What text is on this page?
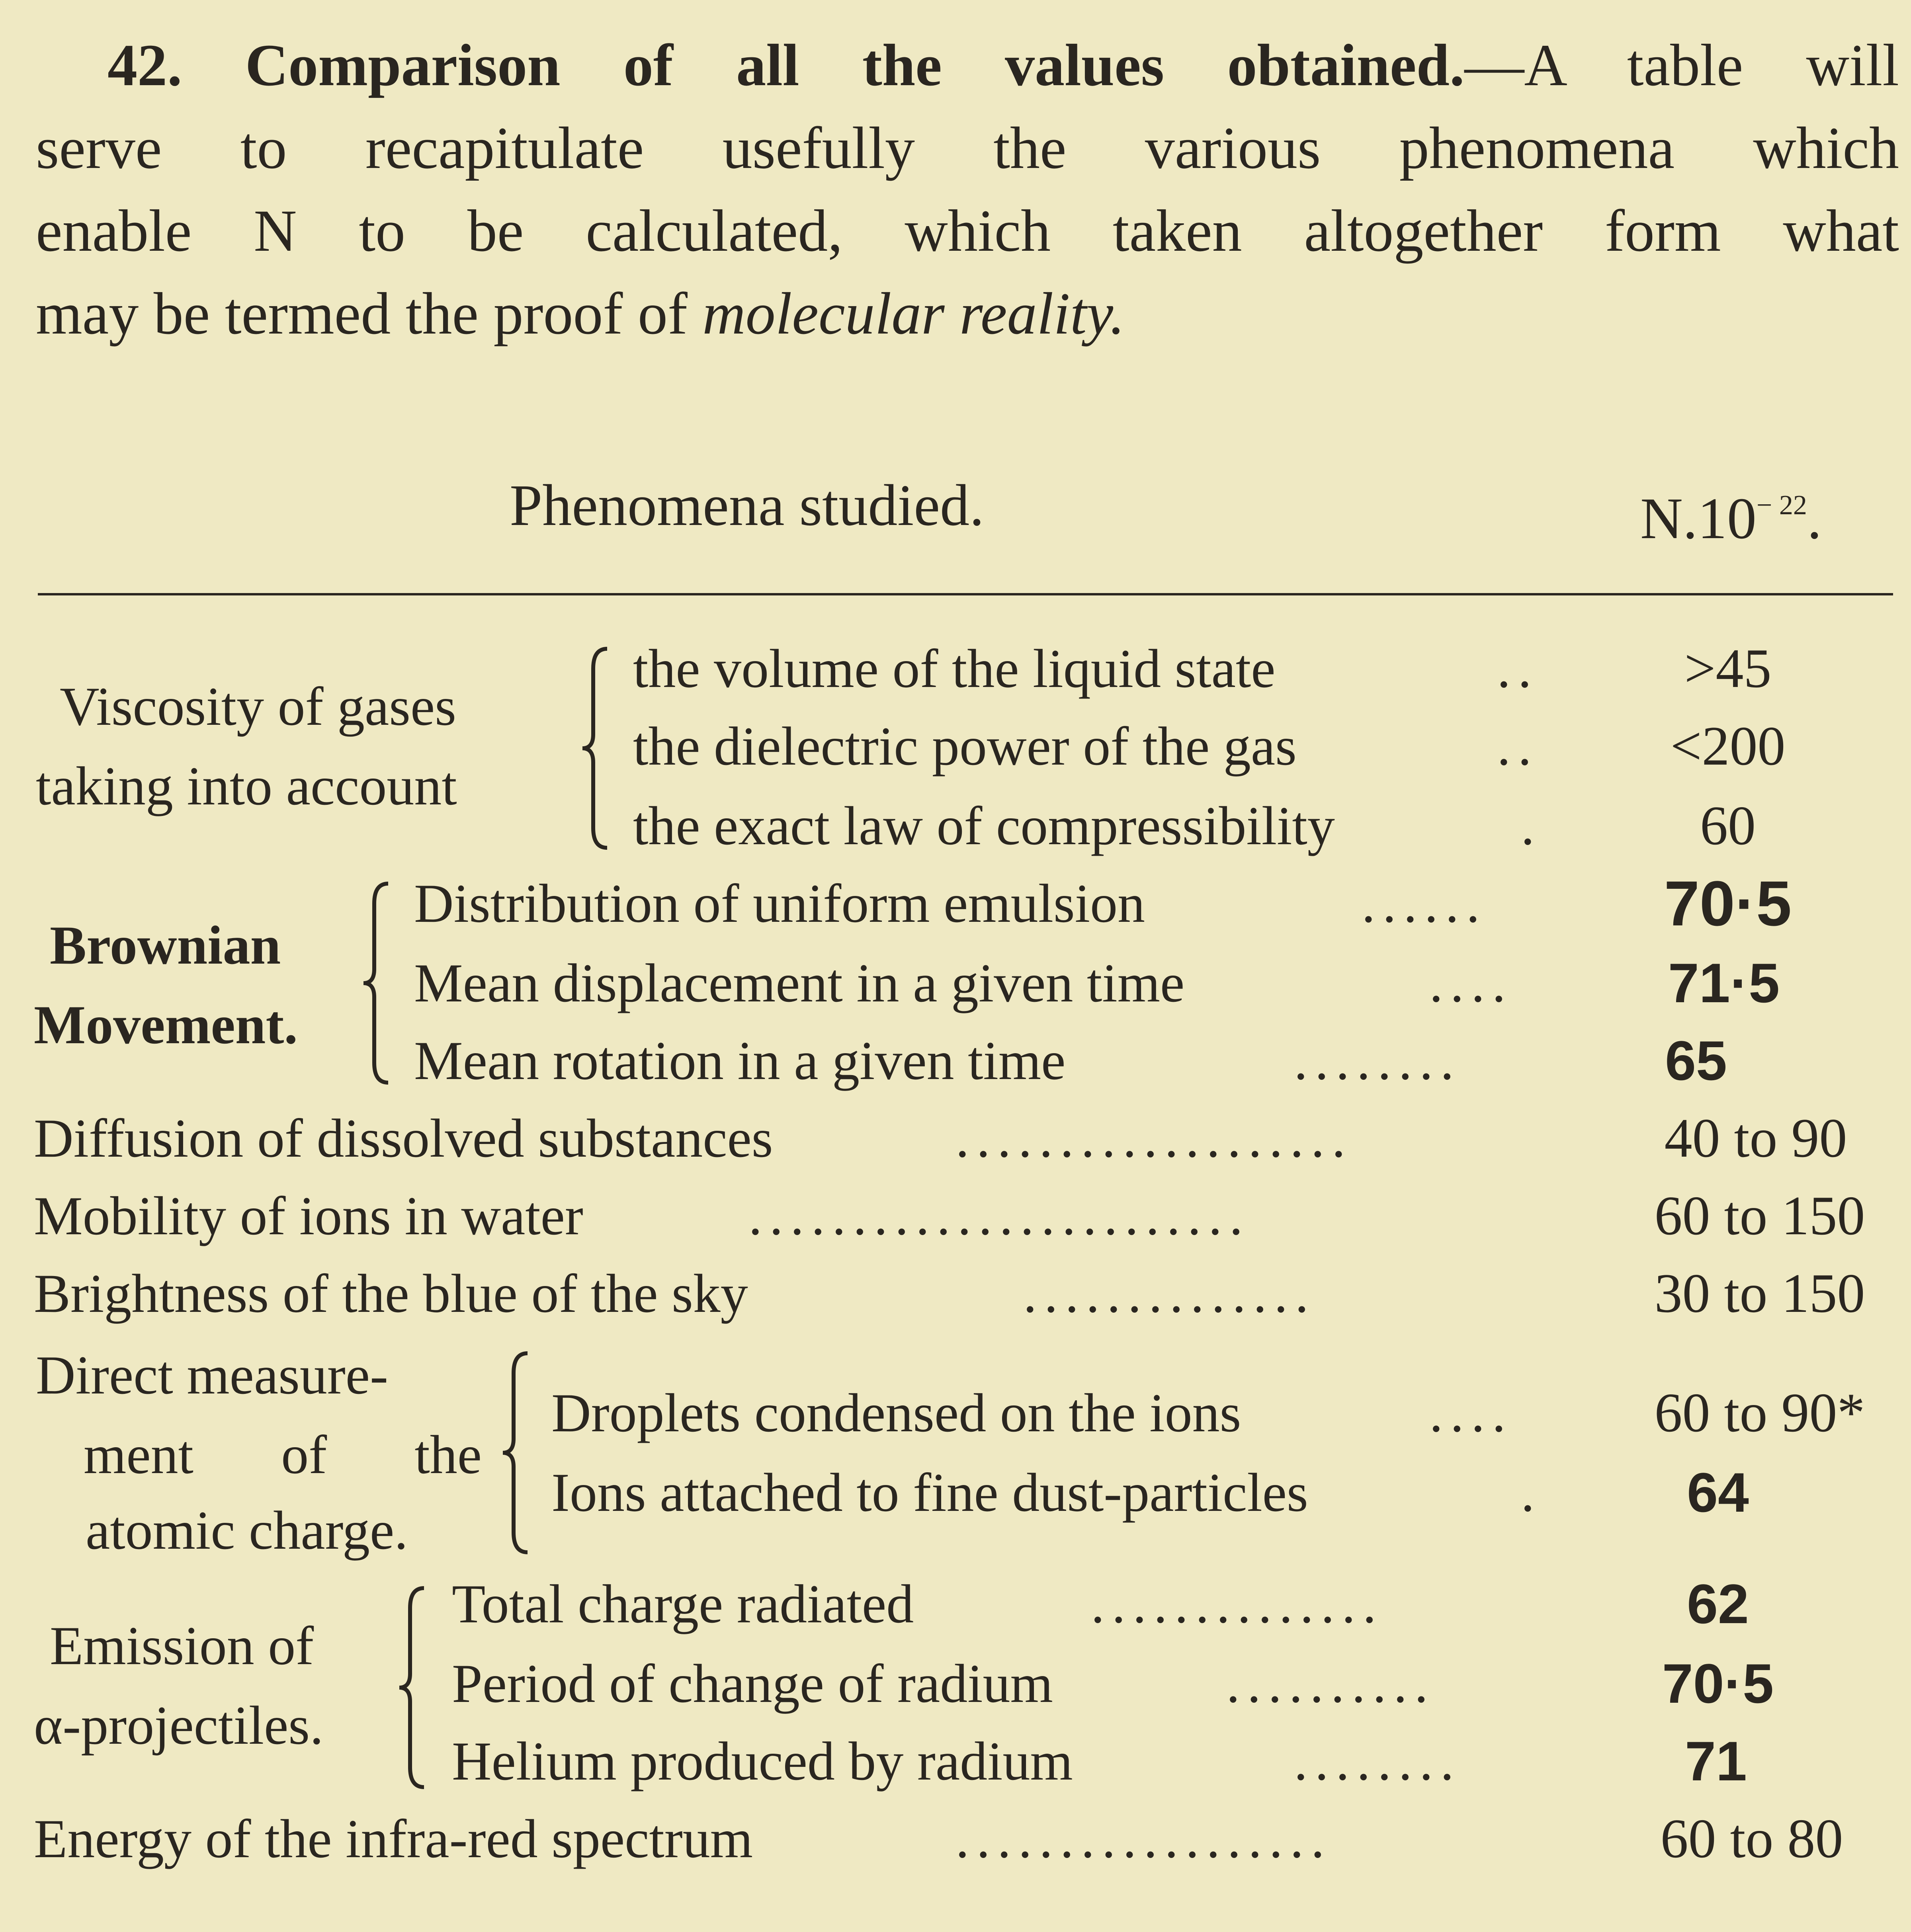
42. Comparison of all the values obtained.—A table will
serve to recapitulate usefully the various phenomena which
enable N to be calculated, which taken altogether form what
may be termed the proof of molecular reality.
Phenomena studied.	$N.10^{- 22}$.
Viscosity of gases
taking into account
Brownian
Movement.
Direct measure-
ment of the
atomic charge.
Emission of
α-projectiles.
the volume of the liquid state
the dielectric power of the gas
the exact law of compressibility
Distribution of uniform emulsion
Mean displacement in a given time
Mean rotation in a given time
Diffusion of dissolved substances
Mobility of ions in water
Brightness of the blue of the sky
Droplets condensed on the ions
Ions attached to fine dust-particles
Total charge radiated
Period of change of radium
Helium produced by radium
Energy of the infra-red spectrum
..
..
.
......
....
........
...................
........................
..............
....
.
..............
..........
........
..................
>45
<200
60
70·5
71·5
65
40 to 90
60 to 150
30 to 150
60 to 90*
64
62
70·5
71
60 to 80
